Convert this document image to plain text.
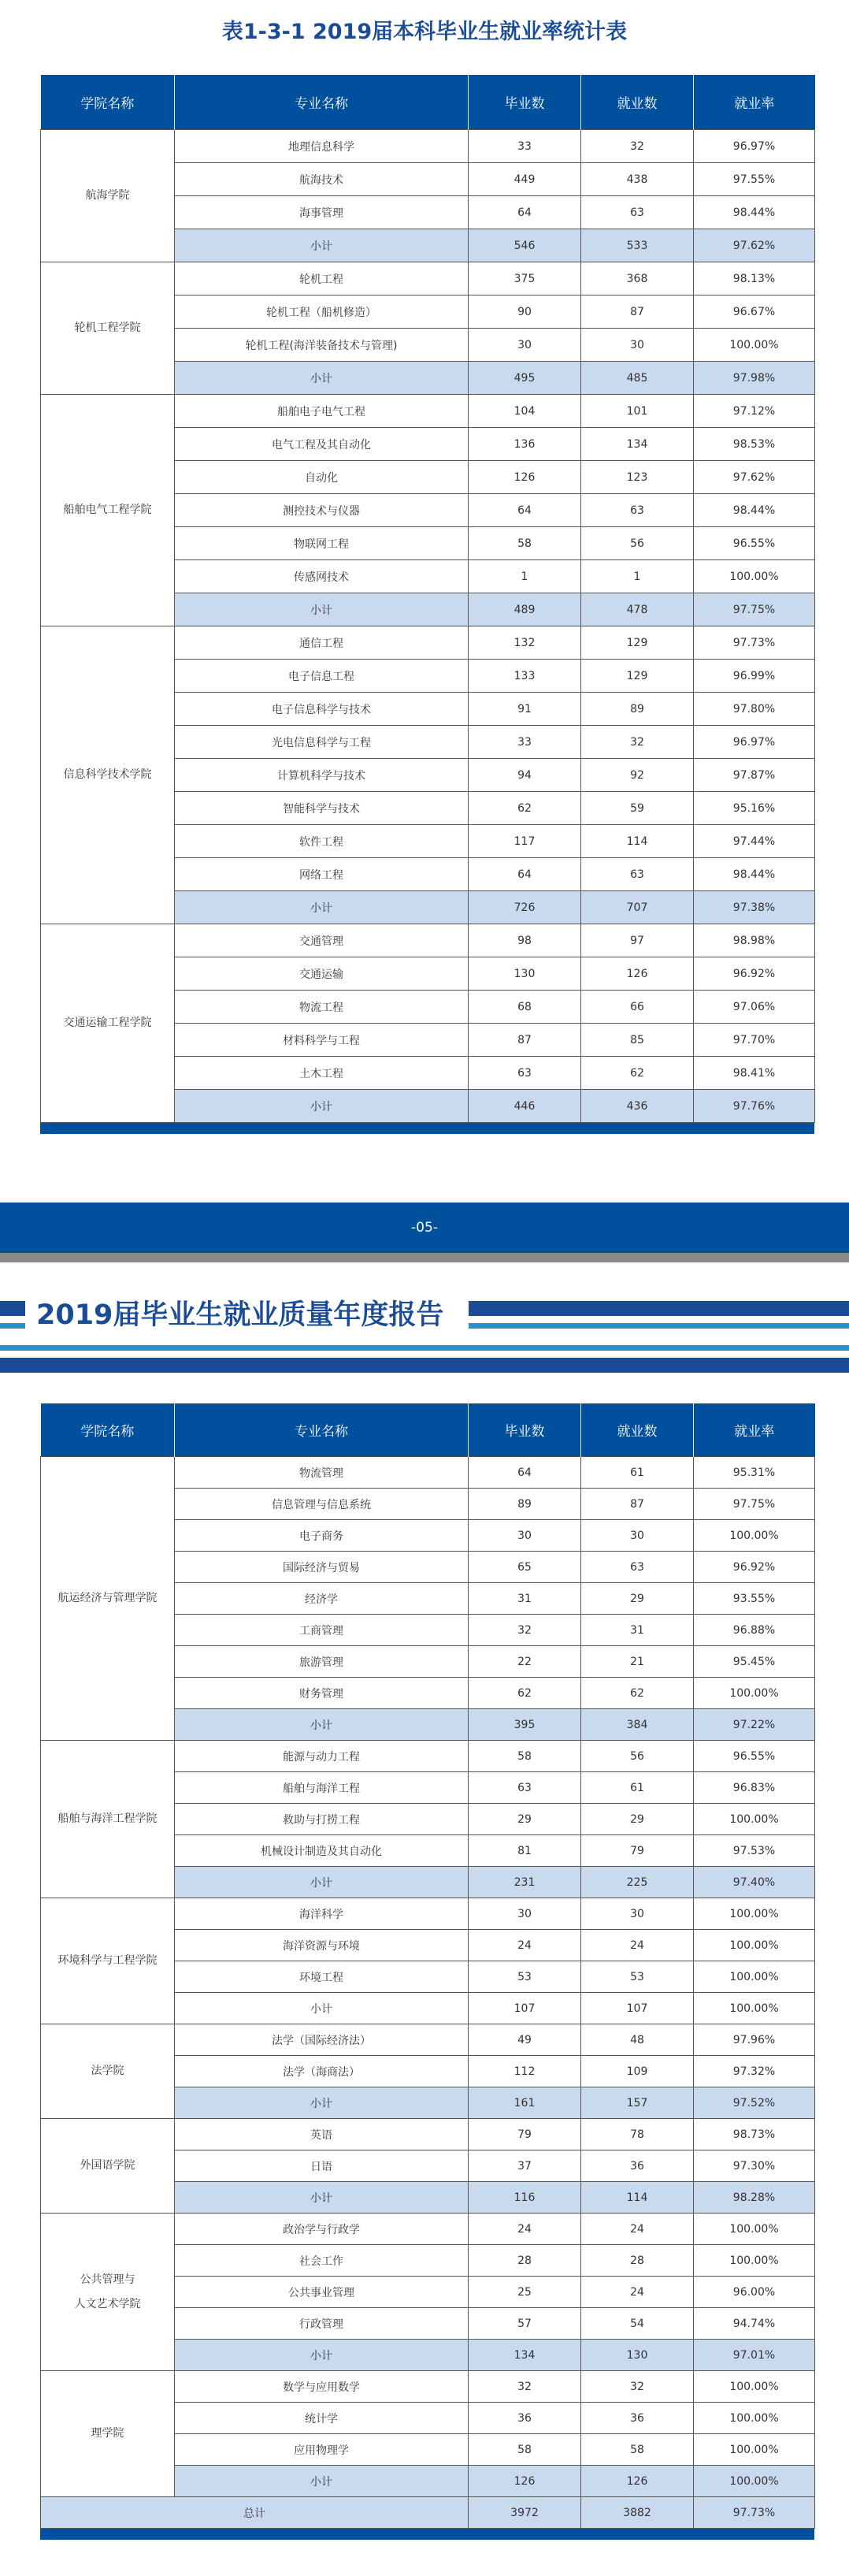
表1-3-1 2019届本科毕业生就业率统计表
学院名称	专业名称	毕业数	就业数	就业率
航海学院	地理信息科学	33	32	96.97%
	航海技术	449	438	97.55%
	海事管理	64	63	98.44%
	小计	546	533	97.62%
轮机工程学院	轮机工程	375	368	98.13%
	轮机工程（船机修造）	90	87	96.67%
	轮机工程(海洋装备技术与管理)	30	30	100.00%
	小计	495	485	97.98%
船舶电气工程学院	船舶电子电气工程	104	101	97.12%
	电气工程及其自动化	136	134	98.53%
	自动化	126	123	97.62%
	测控技术与仪器	64	63	98.44%
	物联网工程	58	56	96.55%
	传感网技术	1	1	100.00%
	小计	489	478	97.75%
信息科学技术学院	通信工程	132	129	97.73%
	电子信息工程	133	129	96.99%
	电子信息科学与技术	91	89	97.80%
	光电信息科学与工程	33	32	96.97%
	计算机科学与技术	94	92	97.87%
	智能科学与技术	62	59	95.16%
	软件工程	117	114	97.44%
	网络工程	64	63	98.44%
	小计	726	707	97.38%
交通运输工程学院	交通管理	98	97	98.98%
	交通运输	130	126	96.92%
	物流工程	68	66	97.06%
	材料科学与工程	87	85	97.70%
	土木工程	63	62	98.41%
	小计	446	436	97.76%
-05-
2019届毕业生就业质量年度报告
学院名称	专业名称	毕业数	就业数	就业率
航运经济与管理学院	物流管理	64	61	95.31%
	信息管理与信息系统	89	87	97.75%
	电子商务	30	30	100.00%
	国际经济与贸易	65	63	96.92%
	经济学	31	29	93.55%
	工商管理	32	31	96.88%
	旅游管理	22	21	95.45%
	财务管理	62	62	100.00%
	小计	395	384	97.22%
船舶与海洋工程学院	能源与动力工程	58	56	96.55%
	船舶与海洋工程	63	61	96.83%
	救助与打捞工程	29	29	100.00%
	机械设计制造及其自动化	81	79	97.53%
	小计	231	225	97.40%
环境科学与工程学院	海洋科学	30	30	100.00%
	海洋资源与环境	24	24	100.00%
	环境工程	53	53	100.00%
	小计	107	107	100.00%
法学院	法学（国际经济法）	49	48	97.96%
	法学（海商法）	112	109	97.32%
	小计	161	157	97.52%
外国语学院	英语	79	78	98.73%
	日语	37	36	97.30%
	小计	116	114	98.28%
公共管理与
人文艺术学院	政治学与行政学	24	24	100.00%
	社会工作	28	28	100.00%
	公共事业管理	25	24	96.00%
	行政管理	57	54	94.74%
	小计	134	130	97.01%
理学院	数学与应用数学	32	32	100.00%
	统计学	36	36	100.00%
	应用物理学	58	58	100.00%
	小计	126	126	100.00%
总计		3972	3882	97.73%
